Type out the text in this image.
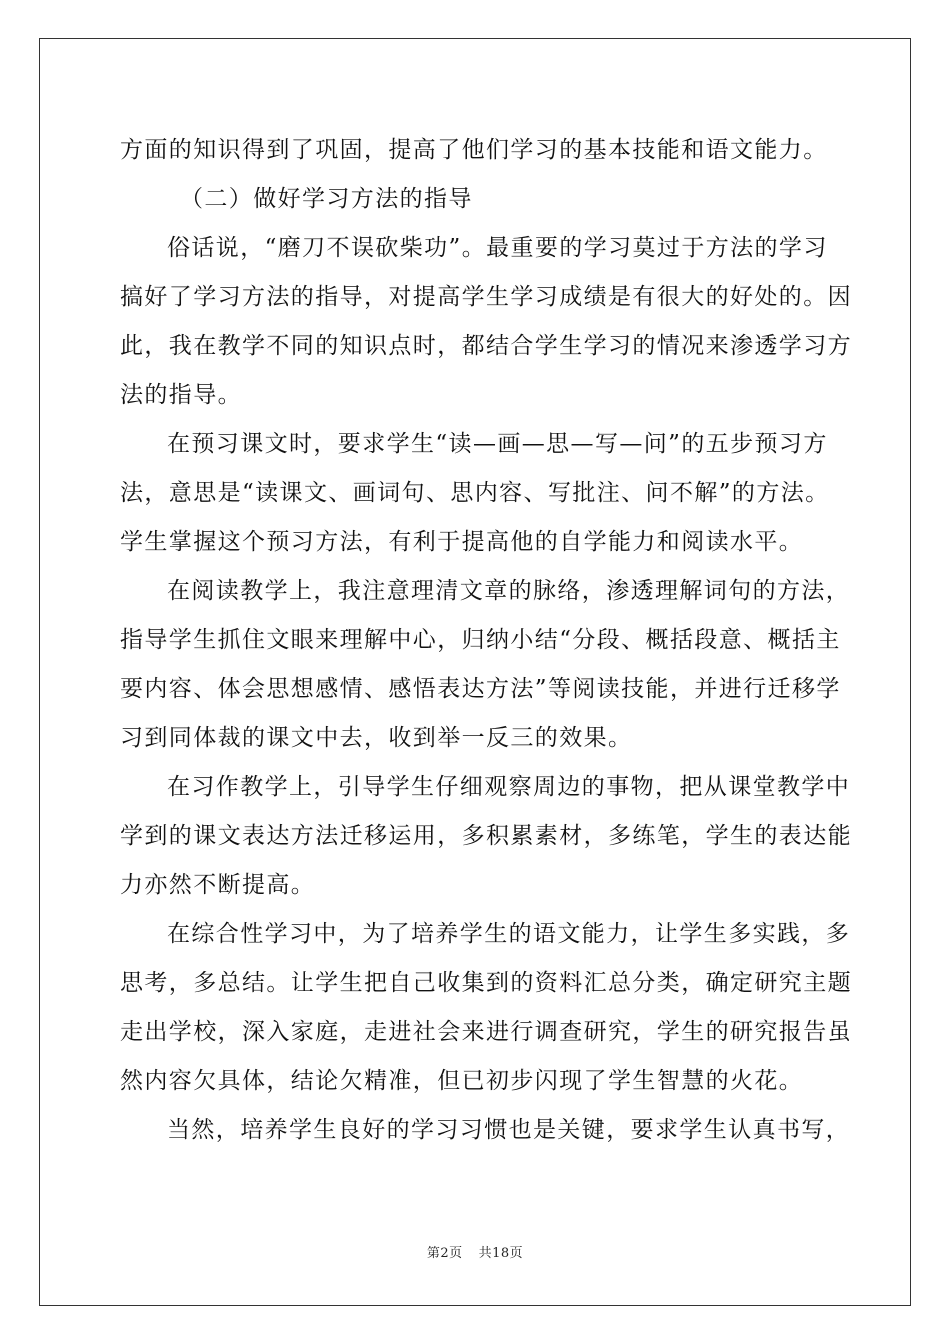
方面的知识得到了巩固，提高了他们学习的基本技能和语文能力。
（二）做好学习方法的指导
俗话说，“磨刀不误砍柴功”。最重要的学习莫过于方法的学习
搞好了学习方法的指导，对提高学生学习成绩是有很大的好处的。因
此，我在教学不同的知识点时，都结合学生学习的情况来渗透学习方
法的指导。
在预习课文时，要求学生“读—画—思—写—问”的五步预习方
法，意思是“读课文、画词句、思内容、写批注、问不解”的方法。
学生掌握这个预习方法，有利于提高他的自学能力和阅读水平。
在阅读教学上，我注意理清文章的脉络，渗透理解词句的方法，
指导学生抓住文眼来理解中心，归纳小结“分段、概括段意、概括主
要内容、体会思想感情、感悟表达方法”等阅读技能，并进行迁移学
习到同体裁的课文中去，收到举一反三的效果。
在习作教学上，引导学生仔细观察周边的事物，把从课堂教学中
学到的课文表达方法迁移运用，多积累素材，多练笔，学生的表达能
力亦然不断提高。
在综合性学习中，为了培养学生的语文能力，让学生多实践，多
思考，多总结。让学生把自己收集到的资料汇总分类，确定研究主题
走出学校，深入家庭，走进社会来进行调查研究，学生的研究报告虽
然内容欠具体，结论欠精准，但已初步闪现了学生智慧的火花。
当然，培养学生良好的学习习惯也是关键，要求学生认真书写，
第2页 共18页
